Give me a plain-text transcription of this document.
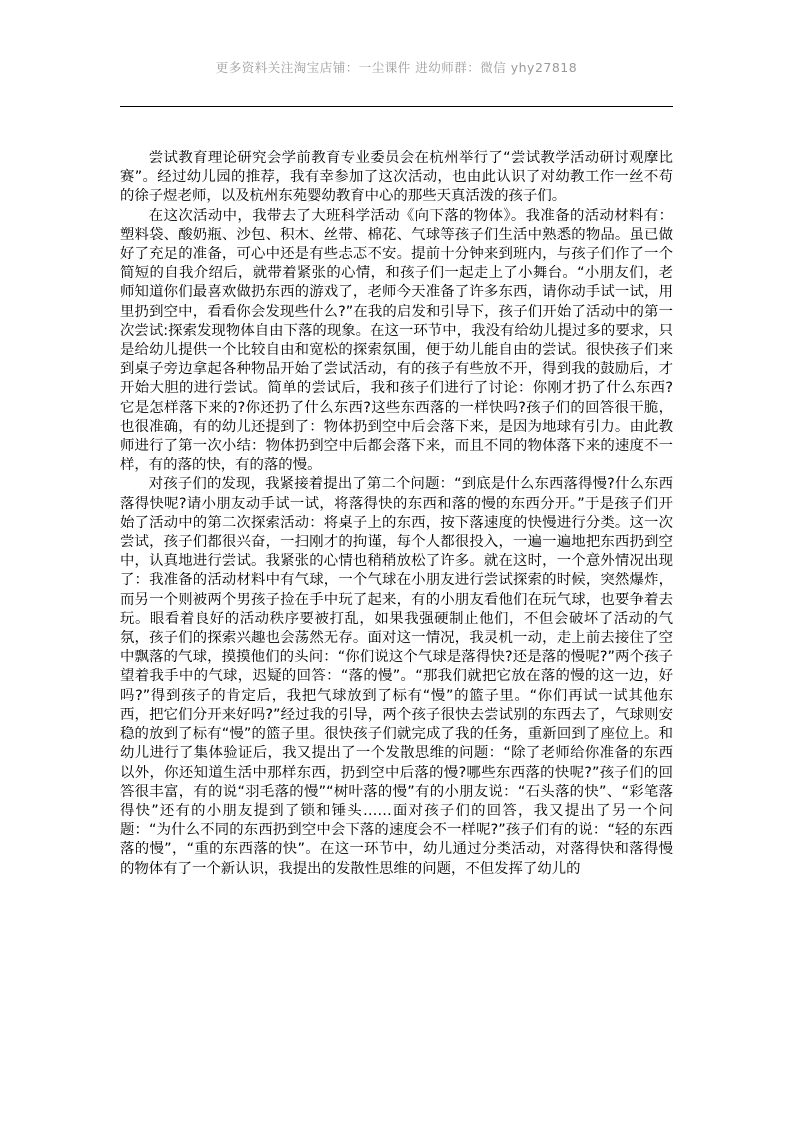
更多资料关注淘宝店铺：一尘课件 进幼师群：微信 yhy27818

尝试教育理论研究会学前教育专业委员会在杭州举行了“尝试教学活动研讨观摩比赛”。经过幼儿园的推荐，我有幸参加了这次活动，也由此认识了对幼教工作一丝不苟的徐子煜老师，以及杭州东苑婴幼教育中心的那些天真活泼的孩子们。

在这次活动中，我带去了大班科学活动《向下落的物体》。我准备的活动材料有：塑料袋、酸奶瓶、沙包、积木、丝带、棉花、气球等孩子们生活中熟悉的物品。虽已做好了充足的准备，可心中还是有些忐忑不安。提前十分钟来到班内，与孩子们作了一个简短的自我介绍后，就带着紧张的心情，和孩子们一起走上了小舞台。“小朋友们，老师知道你们最喜欢做扔东西的游戏了，老师今天准备了许多东西，请你动手试一试，用里扔到空中，看看你会发现些什么?”在我的启发和引导下，孩子们开始了活动中的第一次尝试:探索发现物体自由下落的现象。在这一环节中，我没有给幼儿提过多的要求，只是给幼儿提供一个比较自由和宽松的探索氛围，便于幼儿能自由的尝试。很快孩子们来到桌子旁边拿起各种物品开始了尝试活动，有的孩子有些放不开，得到我的鼓励后，才开始大胆的进行尝试。简单的尝试后，我和孩子们进行了讨论：你刚才扔了什么东西?它是怎样落下来的?你还扔了什么东西?这些东西落的一样快吗?孩子们的回答很干脆，也很准确，有的幼儿还提到了：物体扔到空中后会落下来，是因为地球有引力。由此教师进行了第一次小结：物体扔到空中后都会落下来，而且不同的物体落下来的速度不一样，有的落的快，有的落的慢。

对孩子们的发现，我紧接着提出了第二个问题：“到底是什么东西落得慢?什么东西落得快呢?请小朋友动手试一试，将落得快的东西和落的慢的东西分开。”于是孩子们开始了活动中的第二次探索活动：将桌子上的东西，按下落速度的快慢进行分类。这一次尝试，孩子们都很兴奋，一扫刚才的拘谨，每个人都很投入，一遍一遍地把东西扔到空中，认真地进行尝试。我紧张的心情也稍稍放松了许多。就在这时，一个意外情况出现了：我准备的活动材料中有气球，一个气球在小朋友进行尝试探索的时候，突然爆炸，而另一个则被两个男孩子捡在手中玩了起来，有的小朋友看他们在玩气球，也要争着去玩。眼看着良好的活动秩序要被打乱，如果我强硬制止他们，不但会破坏了活动的气氛，孩子们的探索兴趣也会荡然无存。面对这一情况，我灵机一动，走上前去接住了空中飘落的气球，摸摸他们的头问：“你们说这个气球是落得快?还是落的慢呢?”两个孩子望着我手中的气球，迟疑的回答：“落的慢”。“那我们就把它放在落的慢的这一边，好吗?”得到孩子的肯定后，我把气球放到了标有“慢”的篮子里。“你们再试一试其他东西，把它们分开来好吗?”经过我的引导，两个孩子很快去尝试别的东西去了，气球则安稳的放到了标有“慢”的篮子里。很快孩子们就完成了我的任务，重新回到了座位上。和幼儿进行了集体验证后，我又提出了一个发散思维的问题：“除了老师给你准备的东西以外，你还知道生活中那样东西，扔到空中后落的慢?哪些东西落的快呢?”孩子们的回答很丰富，有的说“羽毛落的慢”“树叶落的慢”有的小朋友说：“石头落的快”、“彩笔落得快”还有的小朋友提到了锁和锤头……面对孩子们的回答，我又提出了另一个问题：“为什么不同的东西扔到空中会下落的速度会不一样呢?”孩子们有的说：“轻的东西落的慢”，“重的东西落的快”。在这一环节中，幼儿通过分类活动，对落得快和落得慢的物体有了一个新认识，我提出的发散性思维的问题，不但发挥了幼儿的
